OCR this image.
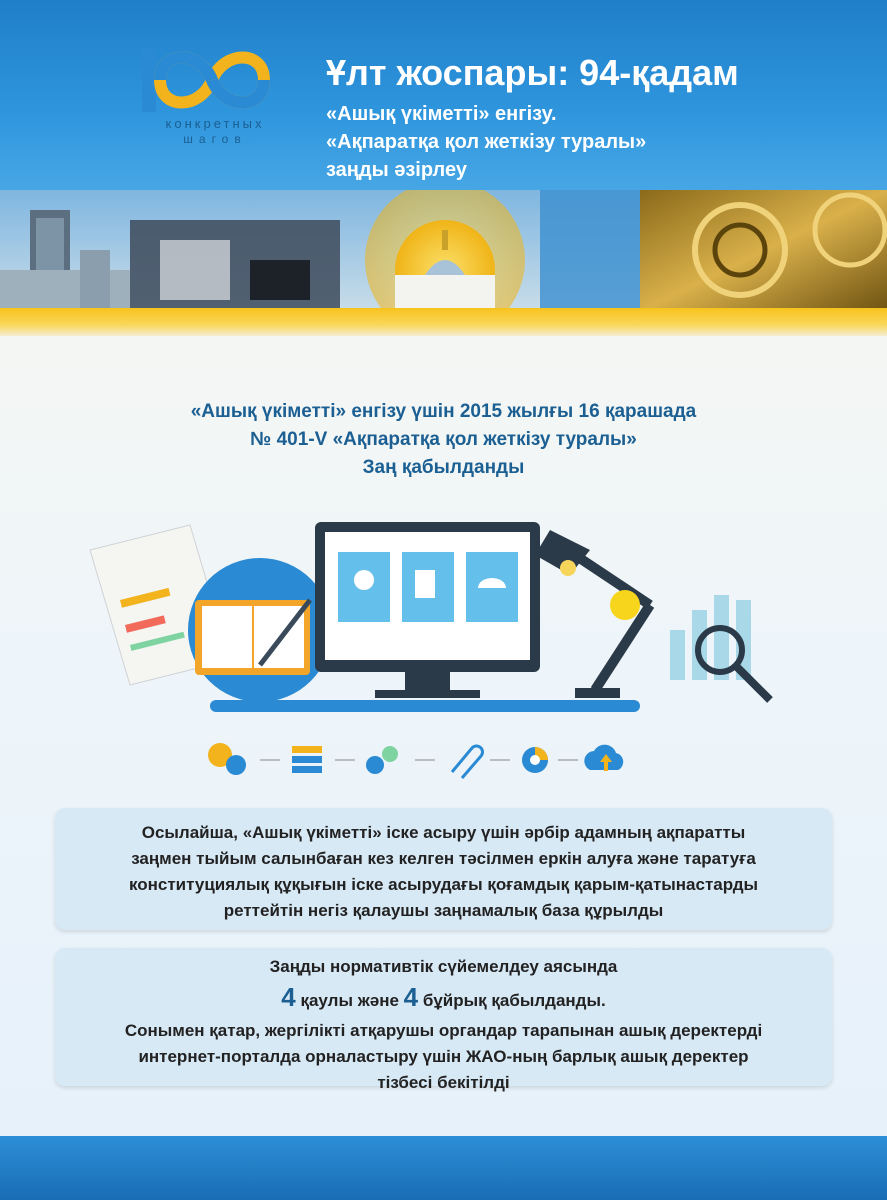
конкретных
шагов
Ұлт жоспары: 94-қадам
«Ашық үкіметті» енгізу.
«Ақпаратқа қол жеткізу туралы»
заңды әзірлеу
«Ашық үкіметті» енгізу үшін 2015 жылғы 16 қарашада
№ 401-V «Ақпаратқа қол жеткізу туралы»
Заң қабылданды
Осылайша, «Ашық үкіметті» іске асыру үшін әрбір адамның ақпаратты
заңмен тыйым салынбаған кез келген тәсілмен еркін алуға және таратуға
конституциялық құқығын іске асырудағы қоғамдық қарым-қатынастарды
реттейтін негіз қалаушы заңнамалық база құрылды
Заңды нормативтік сүйемелдеу аясында
4 қаулы және 4 бұйрық қабылданды.
Сонымен қатар, жергілікті атқарушы органдар тарапынан ашық деректерді
интернет-порталда орналастыру үшін ЖАО-ның барлық ашық деректер
тізбесі бекітілді
